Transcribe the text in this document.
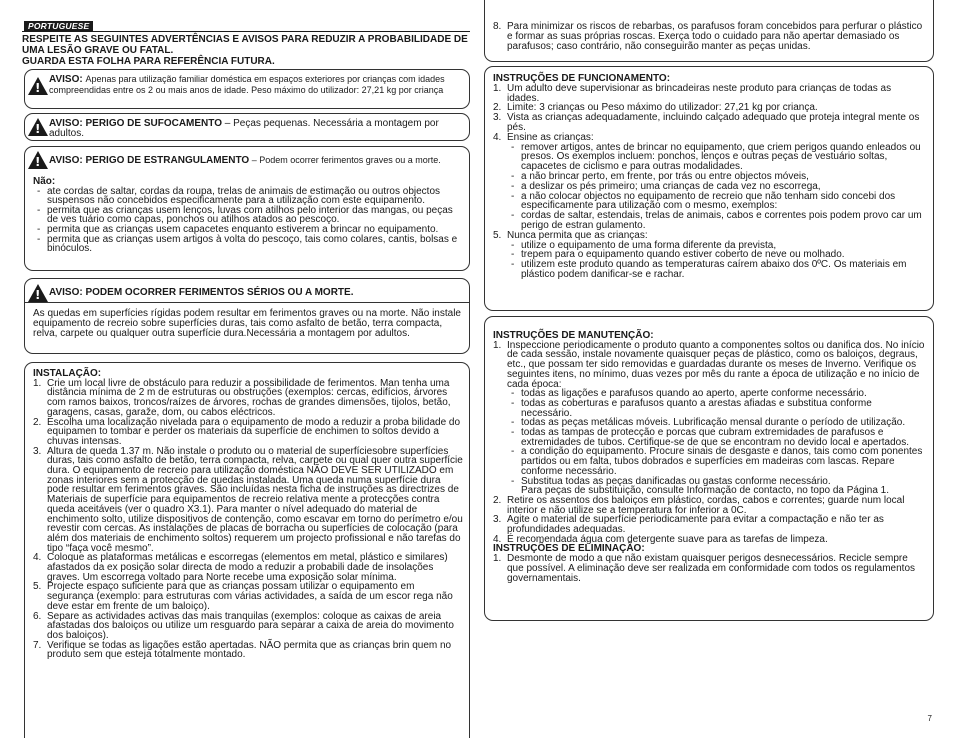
PORTUGUESE
RESPEITE AS SEGUINTES ADVERTÊNCIAS E AVISOS PARA REDUZIR A PROBABILIDADE DE UMA LESÃO GRAVE OU FATAL.
GUARDA ESTA FOLHA PARA REFERÊNCIA FUTURA.
!
AVISO: Apenas para utilização familiar doméstica em espaços exteriores por crianças com idades compreendidas entre os 2 ou mais anos de idade. Peso máximo do utilizador: 27,21 kg por criança
!
AVISO: PERIGO DE SUFOCAMENTO – Peças pequenas. Necessária a montagem por adultos.
!
AVISO: PERIGO DE ESTRANGULAMENTO – Podem ocorrer ferimentos graves ou a morte.
Não:
- ate cordas de saltar, cordas da roupa, trelas de animais de estimação ou outros objectos suspensos não concebidos especificamente para a utilização com este equipamento.
- permita que as crianças usem lenços, luvas com atilhos pelo interior das mangas, ou peças de ves tuário como capas, ponchos ou atilhos atados ao pescoço.
- permita que as crianças usem capacetes enquanto estiverem a brincar no equipamento.
- permita que as crianças usem artigos à volta do pescoço, tais como colares, cantis, bolsas e binóculos.
!
AVISO: PODEM OCORRER FERIMENTOS SÉRIOS OU A MORTE.
As quedas em superfícies rígidas podem resultar em ferimentos graves ou na morte. Não instale equipamento de recreio sobre superfícies duras, tais como asfalto de betão, terra compacta, relva, carpete ou qualquer outra superfície dura.Necessária a montagem por adultos.
INSTALAÇÃO:
1. Crie um local livre de obstáculo para reduzir a possibilidade de ferimentos. Man tenha uma distância mínima de 2 m de estruturas ou obstruções (exemplos: cercas, edifícios, árvores com ramos baixos, troncos/raízes de árvores, rochas de grandes dimensões, tijolos, betão, garagens, casas, garaže, dom, ou cabos eléctricos.
2. Escolha uma localização nivelada para o equipamento de modo a reduzir a proba bilidade do equipamen to tombar e perder os materiais da superfície de enchimen to soltos devido a chuvas intensas.
3. Altura de queda 1.37 m. Não instale o produto ou o material de superfíciesobre superfícies duras, tais como asfalto de betão, terra compacta, relva, carpete ou qual quer outra superfície dura. O equipamento de recreio para utilização doméstica NÃO DEVE SER UTILIZADO em zonas interiores sem a protecção de quedas instalada. Uma queda numa superfície dura pode resultar em ferimentos graves. São incluídas nesta ficha de instruções as directrizes de Materiais de superfície para equipamentos de recreio relativa mente a protecções contra queda aceitáveis (ver o quadro X3.1). Para manter o nível adequado do material de enchimento solto, utilize dispositivos de contenção, como escavar em torno do perímetro e/ou revestir com cercas. As instalações de placas de borracha ou superfícies de colocação (para além dos materiais de enchimento soltos) requerem um projecto profissional e não tarefas do tipo “faça você mesmo”.
4. Coloque as plataformas metálicas e escorregas (elementos em metal, plástico e similares) afastados da ex posição solar directa de modo a reduzir a probabili dade de insolações graves. Um escorrega voltado para Norte recebe uma exposição solar mínima.
5. Projecte espaço suficiente para que as crianças possam utilizar o equipamento em segurança (exemplo: para estruturas com várias actividades, a saída de um escor rega não deve estar em frente de um baloiço).
6. Separe as actividades activas das mais tranquilas (exemplos: coloque as caixas de areia afastadas dos baloiços ou utilize um resguardo para separar a caixa de areia do movimento dos baloiços).
7. Verifique se todas as ligações estão apertadas. NÃO permita que as crianças brin quem no produto sem que esteja totalmente montado.
8. Para minimizar os riscos de rebarbas, os parafusos foram concebidos para perfurar o plástico e formar as suas próprias roscas. Exerça todo o cuidado para não apertar demasiado os parafusos; caso contrário, não conseguirão manter as peças unidas.
INSTRUÇÕES DE FUNCIONAMENTO:
1. Um adulto deve supervisionar as brincadeiras neste produto para crianças de todas as idades.
2. Limite: 3 crianças ou Peso máximo do utilizador: 27,21 kg por criança.
3. Vista as crianças adequadamente, incluindo calçado adequado que proteja integral mente os pés.
4. Ensine as crianças:
- remover artigos, antes de brincar no equipamento, que criem perigos quando enleados ou presos. Os exemplos incluem: ponchos, lenços e outras peças de vestuário soltas, capacetes de ciclismo e para outras modalidades.
- a não brincar perto, em frente, por trás ou entre objectos móveis,
- a deslizar os pés primeiro; uma crianças de cada vez no escorrega,
- a não colocar objectos no equipamento de recreio que não tenham sido concebi dos especificamente para utilização com o mesmo, exemplos:
- cordas de saltar, estendais, trelas de animais, cabos e correntes pois podem provo car um perigo de estran gulamento.
5. Nunca permita que as crianças:
- utilize o equipamento de uma forma diferente da prevista,
- trepem para o equipamento quando estiver coberto de neve ou molhado.
- utilizem este produto quando as temperaturas caírem abaixo dos 0ºC. Os materiais em plástico podem danificar-se e rachar.
INSTRUÇÕES DE MANUTENÇÃO:
1. Inspeccione periodicamente o produto quanto a componentes soltos ou danifica dos. No início de cada sessão, instale novamente quaisquer peças de plástico, como os baloiços, degraus, etc., que possam ter sido removidas e guardadas durante os meses de Inverno. Verifique os seguintes itens, no mínimo, duas vezes por mês du rante a época de utilização e no início de cada época:
- todas as ligações e parafusos quando ao aperto, aperte conforme necessário.
- todas as coberturas e parafusos quanto a arestas afiadas e substitua conforme necessário.
- todas as peças metálicas móveis. Lubrificação mensal durante o período de utilização.
- todas as tampas de protecção e porcas que cubram extremidades de parafusos e extremidades de tubos. Certifique-se de que se encontram no devido local e apertados.
- a condição do equipamento. Procure sinais de desgaste e danos, tais como com ponentes partidos ou em falta, tubos dobrados e superfícies em madeiras com lascas. Repare conforme necessário.
- Substitua todas as peças danificadas ou gastas conforme necessário.
Para peças de substituição, consulte Informação de contacto, no topo da Página 1.
2. Retire os assentos dos baloiços em plástico, cordas, cabos e correntes; guarde num local interior e não utilize se a temperatura for inferior a 0C.
3. Agite o material de superfície periodicamente para evitar a compactação e não ter as profundidades adequadas.
4. É recomendada água com detergente suave para as tarefas de limpeza.
INSTRUÇÕES DE ELIMINAÇÃO:
1. Desmonte de modo a que não existam quaisquer perigos desnecessários. Recicle sempre que possível. A eliminação deve ser realizada em conformidade com todos os regulamentos governamentais.
7
